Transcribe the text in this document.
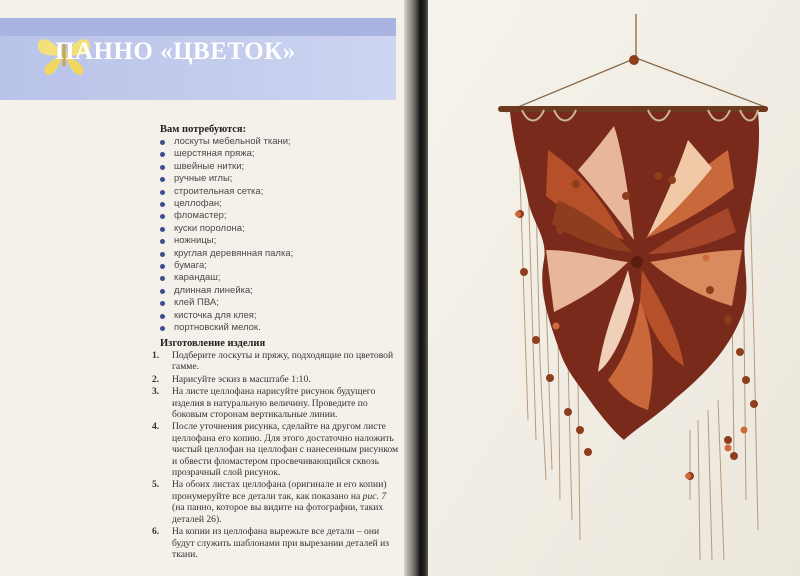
ПАННО «ЦВЕТОК»
Вам потребуются:
лоскуты мебельной ткани;
шерстяная пряжа;
швейные нитки;
ручные иглы;
строительная сетка;
целлофан;
фломастер;
куски поролона;
ножницы;
круглая деревянная палка;
бумага;
карандаш;
длинная линейка;
клей ПВА;
кисточка для клея;
портновский мелок.
Изготовление изделия
1. Подберите лоскуты и пряжу, подходящие по цветовой гамме.
2. Нарисуйте эскиз в масштабе 1:10.
3. На листе целлофана нарисуйте рисунок будущего изделия в натуральную величину. Проведите по боковым сторонам вертикальные линии.
4. После уточнения рисунка, сделайте на другом листе целлофана его копию. Для этого достаточно наложить чистый целлофан на целлофан с нанесенным рисунком и обвести фломастером просвечивающийся сквозь прозрачный слой рисунок.
5. На обоих листах целлофана (оригинале и его копии) пронумеруйте все детали так, как показано на рис. 7 (на панно, которое вы видите на фотографии, таких деталей 26).
6. На копии из целлофана вырежьте все детали – они будут служить шаблонами при вырезании деталей из ткани.
